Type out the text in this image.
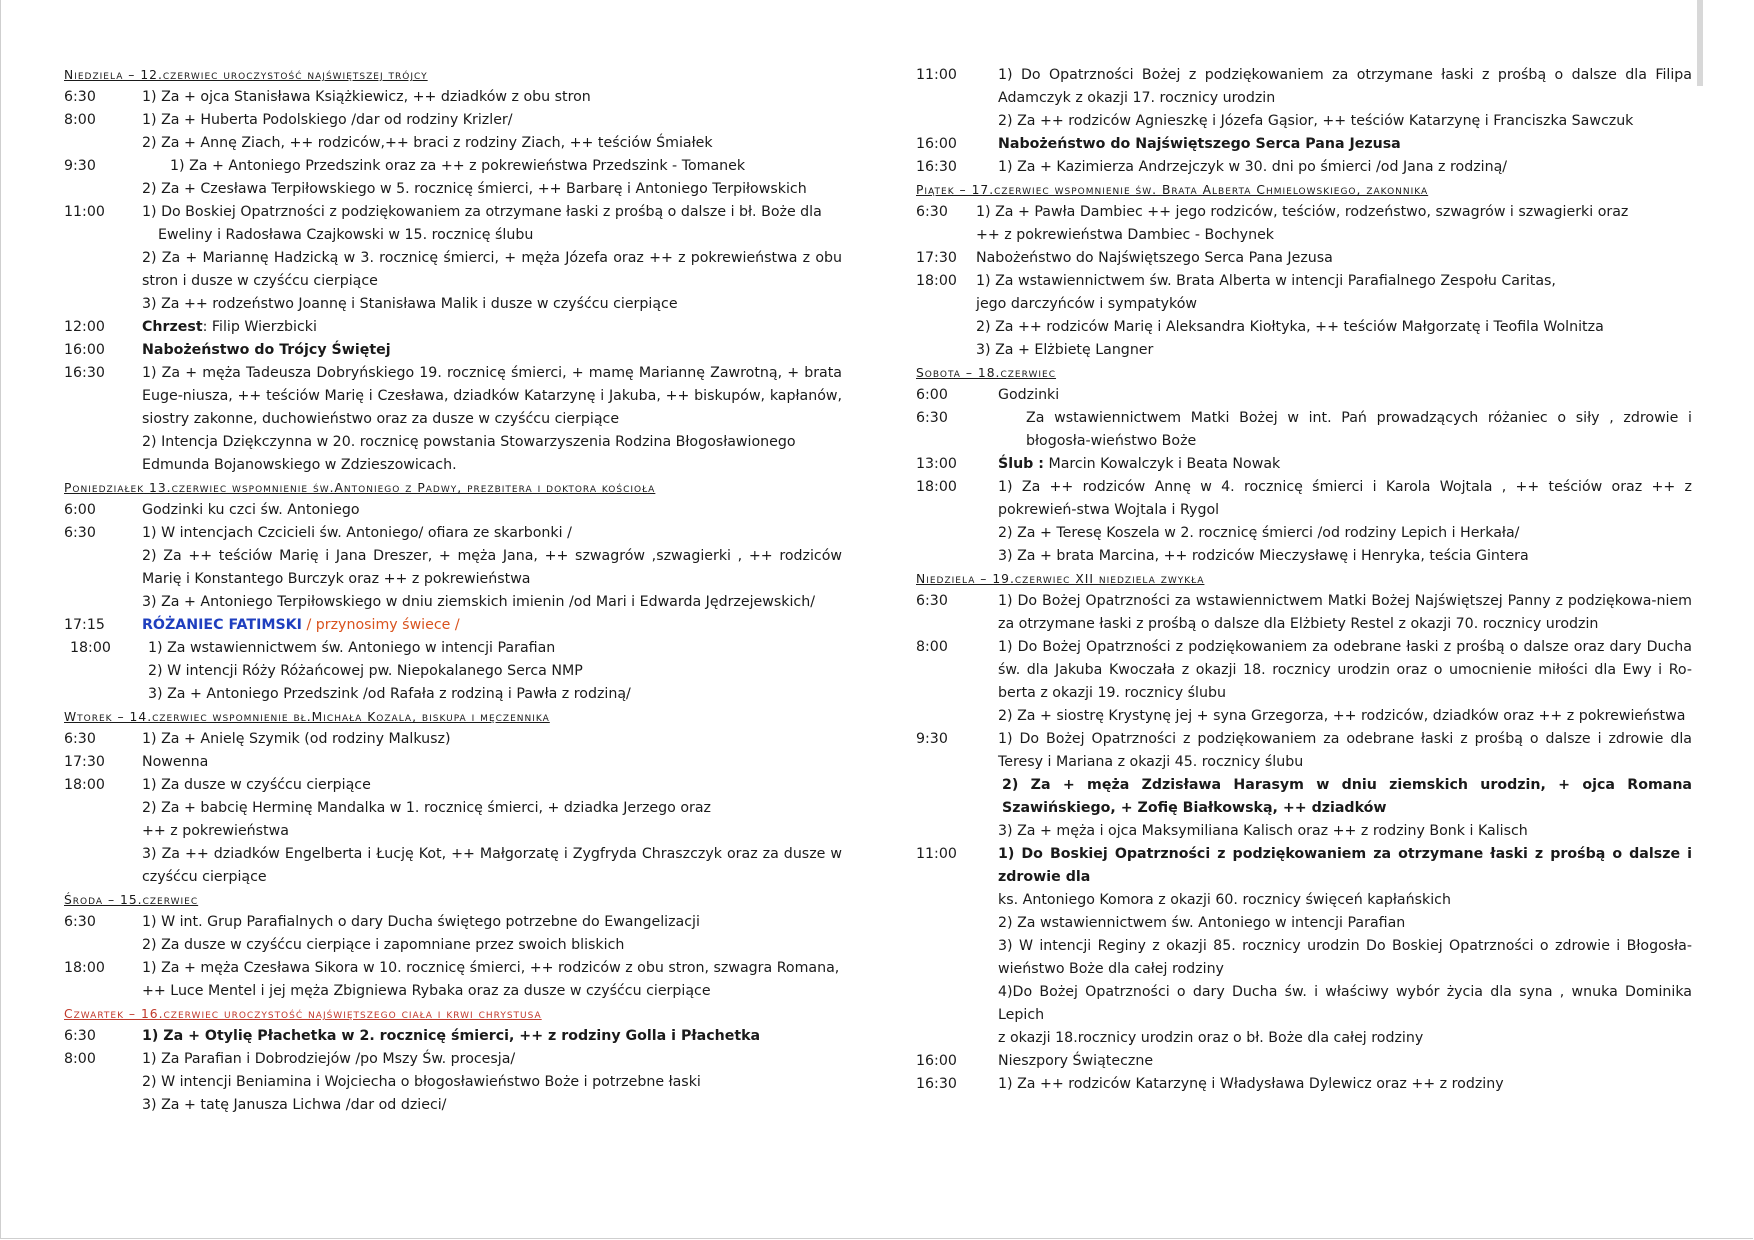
Niedziela – 12.czerwiec uroczystość najświętszej trójcy
6:30	1) Za + ojca Stanisława Książkiewicz, ++ dziadków z obu stron
8:00	1) Za + Huberta Podolskiego /dar od rodziny Krizler/
2) Za + Annę Ziach, ++ rodziców,++ braci z rodziny Ziach, ++ teściów Śmiałek
9:30	1) Za + Antoniego Przedszink oraz za ++ z pokrewieństwa Przedszink - Tomanek
2) Za + Czesława Terpiłowskiego w 5. rocznicę śmierci, ++ Barbarę i Antoniego Terpiłowskich
11:00	1) Do Boskiej Opatrzności z podziękowaniem za otrzymane łaski z prośbą o dalsze i bł. Boże dla
Eweliny i Radosława Czajkowski w 15. rocznicę ślubu
2) Za + Mariannę Hadzicką w 3. rocznicę śmierci, + męża Józefa oraz ++ z pokrewieństwa z obu stron i dusze w czyśćcu cierpiące
3) Za ++ rodzeństwo Joannę i Stanisława Malik i dusze w czyśćcu cierpiące
12:00	Chrzest: Filip Wierzbicki
16:00	Nabożeństwo do Trójcy Świętej
16:30	1) Za + męża Tadeusza Dobryńskiego 19. rocznicę śmierci, + mamę Mariannę Zawrotną, + brata Euge-niusza, ++ teściów Marię i Czesława, dziadków Katarzynę i Jakuba, ++ biskupów, kapłanów, siostry zakonne, duchowieństwo oraz za dusze w czyśćcu cierpiące
2) Intencja Dziękczynna w 20. rocznicę powstania Stowarzyszenia Rodzina Błogosławionego
Edmunda Bojanowskiego w Zdzieszowicach.
Poniedziałek 13.czerwiec wspomnienie św.Antoniego z Padwy, prezbitera i doktora kościoła
6:00	Godzinki ku czci św. Antoniego
6:30	1) W intencjach Czcicieli św. Antoniego/ ofiara ze skarbonki /
2) Za ++ teściów Marię i Jana Dreszer, + męża Jana, ++ szwagrów ,szwagierki , ++ rodziców Marię i Konstantego Burczyk oraz ++ z pokrewieństwa
3) Za + Antoniego Terpiłowskiego w dniu ziemskich imienin /od Mari i Edwarda Jędrzejewskich/
17:15	RÓŻANIEC FATIMSKI / przynosimy świece /
18:00	1) Za wstawiennictwem św. Antoniego w intencji Parafian
2) W intencji Róży Różańcowej pw. Niepokalanego Serca NMP
3) Za + Antoniego Przedszink /od Rafała z rodziną i Pawła z rodziną/
Wtorek – 14.czerwiec wspomnienie bł.Michała Kozala, biskupa i męczennika
6:30	1) Za + Anielę Szymik (od rodziny Malkusz)
17:30	Nowenna
18:00	1) Za dusze w czyśćcu cierpiące
2) Za + babcię Herminę Mandalka w 1. rocznicę śmierci, + dziadka Jerzego oraz
++ z pokrewieństwa
3) Za ++ dziadków Engelberta i Łucję Kot, ++ Małgorzatę i Zygfryda Chraszczyk oraz za dusze w czyśćcu cierpiące
Środa – 15.czerwiec
6:30	1) W int. Grup Parafialnych o dary Ducha świętego potrzebne do Ewangelizacji
2) Za dusze w czyśćcu cierpiące i zapomniane przez swoich bliskich
18:00	1) Za + męża Czesława Sikora w 10. rocznicę śmierci, ++ rodziców z obu stron, szwagra Romana,
++ Luce Mentel i jej męża Zbigniewa Rybaka oraz za dusze w czyśćcu cierpiące
Czwartek – 16.czerwiec uroczystość najświętszego ciała i krwi chrystusa
6:30	1) Za + Otylię Płachetka w 2. rocznicę śmierci, ++ z rodziny Golla i Płachetka
8:00	1) Za Parafian i Dobrodziejów /po Mszy Św. procesja/
2) W intencji Beniamina i Wojciecha o błogosławieństwo Boże i potrzebne łaski
3) Za + tatę Janusza Lichwa /dar od dzieci/
11:00	1) Do Opatrzności Bożej z podziękowaniem za otrzymane łaski z prośbą o dalsze dla Filipa Adamczyk z okazji 17. rocznicy urodzin
2) Za ++ rodziców Agnieszkę i Józefa Gąsior, ++ teściów Katarzynę i Franciszka Sawczuk
16:00	Nabożeństwo do Najświętszego Serca Pana Jezusa
16:30	1) Za + Kazimierza Andrzejczyk w 30. dni po śmierci /od Jana z rodziną/
Piątek – 17.czerwiec wspomnienie św. Brata Alberta Chmielowskiego, zakonnika
6:30	1) Za + Pawła Dambiec ++ jego rodziców, teściów, rodzeństwo, szwagrów i szwagierki oraz
++ z pokrewieństwa Dambiec - Bochynek
17:30	Nabożeństwo do Najświętszego Serca Pana Jezusa
18:00	1) Za wstawiennictwem św. Brata Alberta w intencji Parafialnego Zespołu Caritas,
jego darczyńców i sympatyków
2) Za ++ rodziców Marię i Aleksandra Kiołtyka, ++ teściów Małgorzatę i Teofila Wolnitza
3) Za + Elżbietę Langner
Sobota – 18.czerwiec
6:00	Godzinki
6:30	Za wstawiennictwem Matki Bożej w int. Pań prowadzących różaniec o siły , zdrowie i błogosła-wieństwo Boże
13:00	Ślub : Marcin Kowalczyk i Beata Nowak
18:00	1) Za ++ rodziców Annę w 4. rocznicę śmierci i Karola Wojtala , ++ teściów oraz ++ z pokrewień-stwa Wojtala i Rygol
2) Za + Teresę Koszela w 2. rocznicę śmierci /od rodziny Lepich i Herkała/
3) Za + brata Marcina, ++ rodziców Mieczysławę i Henryka, teścia Gintera
Niedziela – 19.czerwiec XII niedziela zwykła
6:30	1) Do Bożej Opatrzności za wstawiennictwem Matki Bożej Najświętszej Panny z podziękowa-niem za otrzymane łaski z prośbą o dalsze dla Elżbiety Restel z okazji 70. rocznicy urodzin
8:00	1) Do Bożej Opatrzności z podziękowaniem za odebrane łaski z prośbą o dalsze oraz dary Ducha św. dla Jakuba Kwoczała z okazji 18. rocznicy urodzin oraz o umocnienie miłości dla Ewy i Ro-berta z okazji 19. rocznicy ślubu
2) Za + siostrę Krystynę jej + syna Grzegorza, ++ rodziców, dziadków oraz ++ z pokrewieństwa
9:30	1) Do Bożej Opatrzności z podziękowaniem za odebrane łaski z prośbą o dalsze i zdrowie dla Teresy i Mariana z okazji 45. rocznicy ślubu
2) Za + męża Zdzisława Harasym w dniu ziemskich urodzin, + ojca Romana Szawińskiego, + Zofię Białkowską, ++ dziadków
3) Za + męża i ojca Maksymiliana Kalisch oraz ++ z rodziny Bonk i Kalisch
11:00	1) Do Boskiej Opatrzności z podziękowaniem za otrzymane łaski z prośbą o dalsze i zdrowie dla
ks. Antoniego Komora z okazji 60. rocznicy święceń kapłańskich
2) Za wstawiennictwem św. Antoniego w intencji Parafian
3) W intencji Reginy z okazji 85. rocznicy urodzin Do Boskiej Opatrzności o zdrowie i Błogosła-wieństwo Boże dla całej rodziny
4)Do Bożej Opatrzności o dary Ducha św. i właściwy wybór życia dla syna , wnuka Dominika Lepich
z okazji 18.rocznicy urodzin oraz o bł. Boże dla całej rodziny
16:00	Nieszpory Świąteczne
16:30	1) Za ++ rodziców Katarzynę i Władysława Dylewicz oraz ++ z rodziny
